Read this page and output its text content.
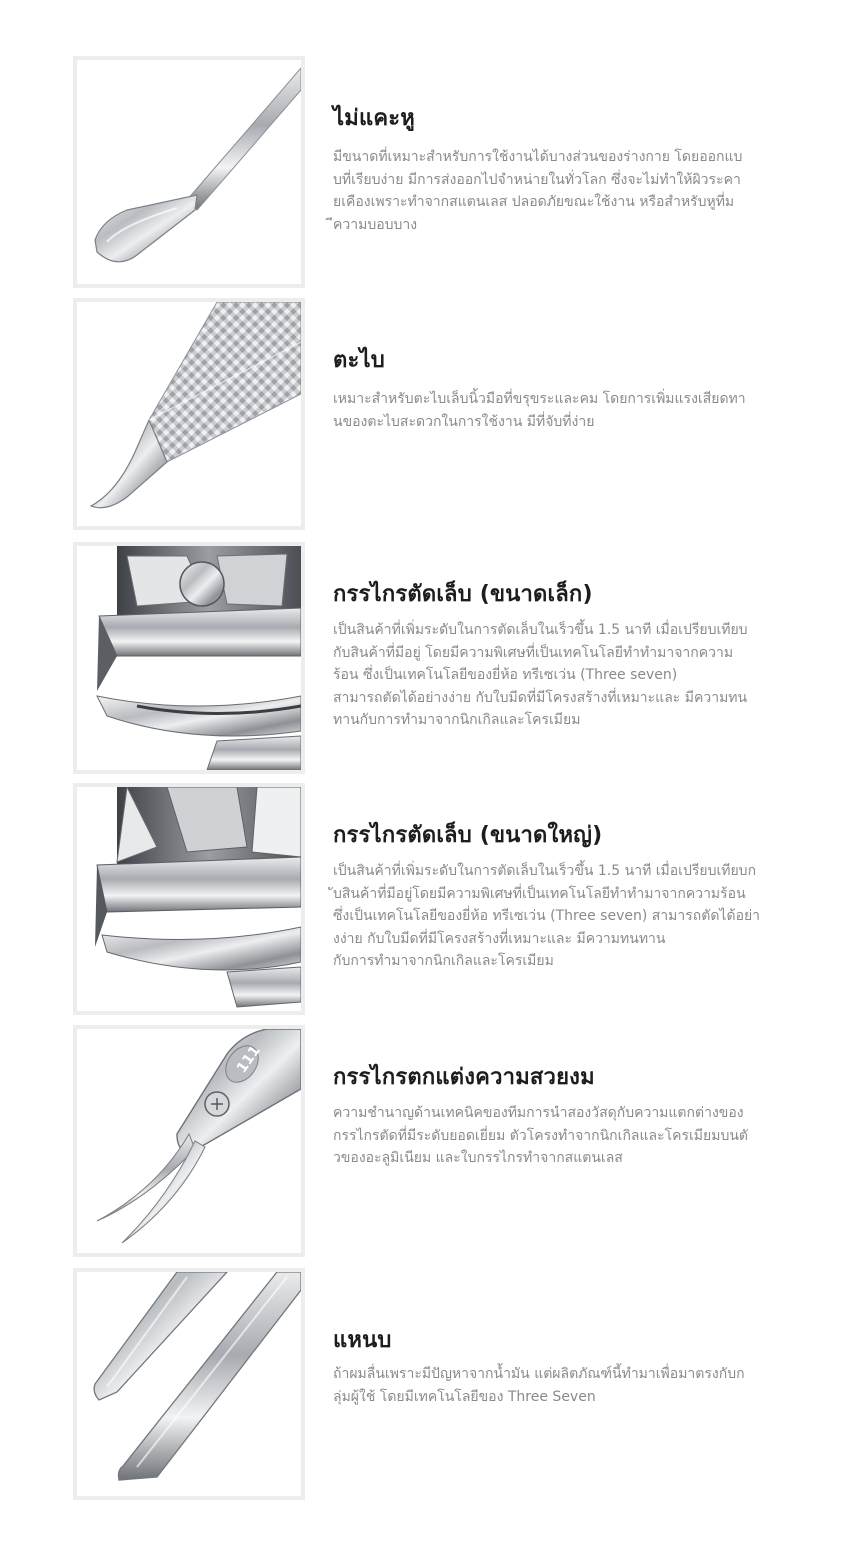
ไม่แคะหู
มีขนาดที่เหมาะสำหรับการใช้งานได้บางส่วนของร่างกาย โดยออกแบ
บที่เรียบง่าย มีการส่งออกไปจำหน่ายในทั่วโลก ซึ่งจะไม่ทำให้ผิวระคา
ยเคืองเพราะทำจากสแตนเลส ปลอดภัยขณะใช้งาน หรือสำหรับหูที่ม
ีความบอบบาง
ตะไบ
เหมาะสำหรับตะไบเล็บนิ้วมือที่ขรุขระและคม โดยการเพิ่มแรงเสียดทา
นของตะไบสะดวกในการใช้งาน มีที่จับที่ง่าย
กรรไกรตัดเล็บ (ขนาดเล็ก)
เป็นสินค้าที่เพิ่มระดับในการตัดเล็บในเร็วขึ้น 1.5 นาที เมื่อเปรียบเทียบ
กับสินค้าที่มีอยู่ โดยมีความพิเศษที่เป็นเทคโนโลยีทำทำมาจากความ
ร้อน ซึ่งเป็นเทคโนโลยีของยี่ห้อ ทรีเซเว่น (Three seven)
สามารถตัดได้อย่างง่าย กับใบมีดที่มีโครงสร้างที่เหมาะและ มีความทน
ทานกับการทำมาจากนิกเกิลและโครเมียม
กรรไกรตัดเล็บ (ขนาดใหญ่)
เป็นสินค้าที่เพิ่มระดับในการตัดเล็บในเร็วขึ้น 1.5 นาที เมื่อเปรียบเทียบก
ับสินค้าที่มีอยู่โดยมีความพิเศษที่เป็นเทคโนโลยีทำทำมาจากความร้อน
ซึ่งเป็นเทคโนโลยีของยี่ห้อ ทรีเซเว่น (Three seven) สามารถตัดได้อย่า
งง่าย กับใบมีดที่มีโครงสร้างที่เหมาะและ มีความทนทาน
กับการทำมาจากนิกเกิลและโครเมียม
111
กรรไกรตกแต่งความสวยงม
ความชำนาญด้านเทคนิคของทีมการนำสองวัสดุกับความแตกต่างของ
กรรไกรตัดที่มีระดับยอดเยี่ยม ตัวโครงทำจากนิกเกิลและโครเมียมบนตั
วของอะลูมิเนียม และใบกรรไกรทำจากสแตนเลส
แหนบ
ถ้าผมลื่นเพราะมีปัญหาจากน้ำมัน แต่ผลิตภัณฑ์นี้ทำมาเพื่อมาตรงกับก
ลุ่มผู้ใช้ โดยมีเทคโนโลยีของ Three Seven
